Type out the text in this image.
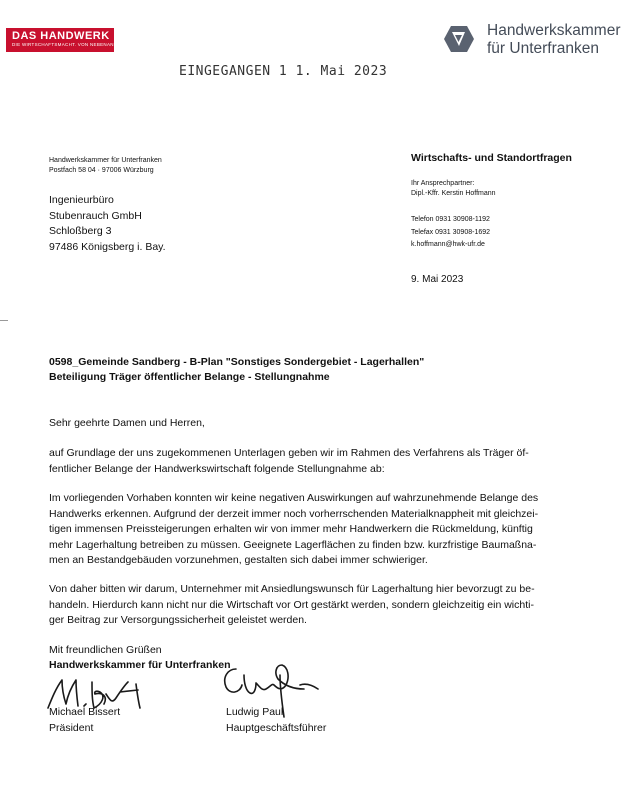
DAS HANDWERK
DIE WIRTSCHAFTSMACHT. VON NEBENAN.
Handwerkskammer
für Unterfranken
EINGEGANGEN 1 1. Mai 2023
Handwerkskammer für Unterfranken
Postfach 58 04 · 97006 Würzburg
Ingenieurbüro
Stubenrauch GmbH
Schloßberg 3
97486 Königsberg i. Bay.
Wirtschafts- und Standortfragen
Ihr Ansprechpartner:
Dipl.-Kffr. Kerstin Hoffmann
Telefon 0931 30908-1192
Telefax 0931 30908-1692
k.hoffmann@hwk-ufr.de
9. Mai 2023
0598_Gemeinde Sandberg - B-Plan "Sonstiges Sondergebiet - Lagerhallen"
Beteiligung Träger öffentlicher Belange - Stellungnahme
Sehr geehrte Damen und Herren,
auf Grundlage der uns zugekommenen Unterlagen geben wir im Rahmen des Verfahrens als Träger öf-
fentlicher Belange der Handwerkswirtschaft folgende Stellungnahme ab:
Im vorliegenden Vorhaben konnten wir keine negativen Auswirkungen auf wahrzunehmende Belange des
Handwerks erkennen. Aufgrund der derzeit immer noch vorherrschenden Materialknappheit mit gleichzei-
tigen immensen Preissteigerungen erhalten wir von immer mehr Handwerkern die Rückmeldung, künftig
mehr Lagerhaltung betreiben zu müssen. Geeignete Lagerflächen zu finden bzw. kurzfristige Baumaßna-
men an Bestandgebäuden vorzunehmen, gestalten sich dabei immer schwieriger.
Von daher bitten wir darum, Unternehmer mit Ansiedlungswunsch für Lagerhaltung hier bevorzugt zu be-
handeln. Hierdurch kann nicht nur die Wirtschaft vor Ort gestärkt werden, sondern gleichzeitig ein wichti-
ger Beitrag zur Versorgungssicherheit geleistet werden.
Mit freundlichen Grüßen
Handwerkskammer für Unterfranken
Michael Bissert
Präsident
Ludwig Paul
Hauptgeschäftsführer
